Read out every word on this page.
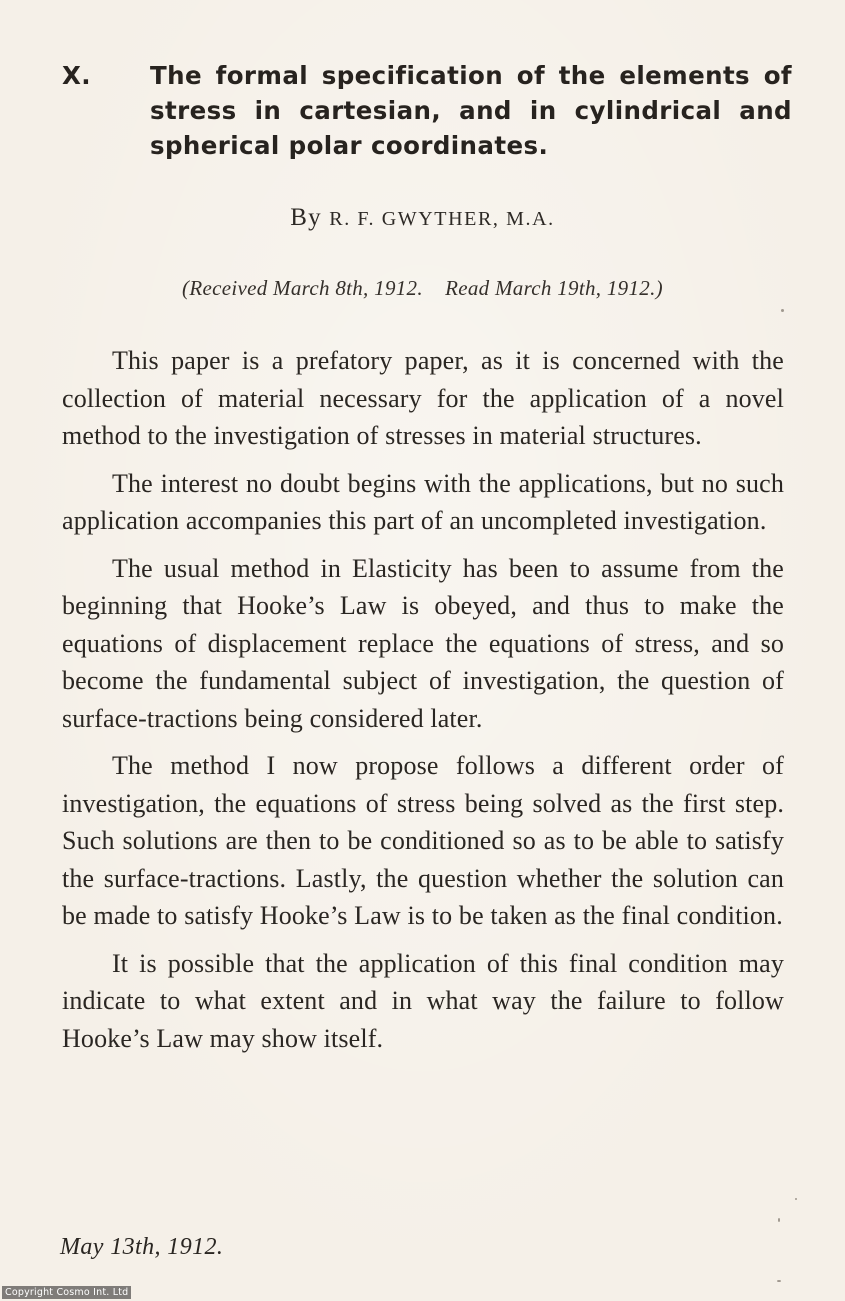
X. The formal specification of the elements of stress in cartesian, and in cylindrical and spherical polar coordinates.
By R. F. GWYTHER, M.A.
(Received March 8th, 1912.    Read March 19th, 1912.)

This paper is a prefatory paper, as it is concerned with the collection of material necessary for the application of a novel method to the investigation of stresses in material structures.

The interest no doubt begins with the applications, but no such application accompanies this part of an uncompleted investigation.

The usual method in Elasticity has been to assume from the beginning that Hooke’s Law is obeyed, and thus to make the equations of displacement replace the equations of stress, and so become the fundamental subject of investigation, the question of surface-tractions being considered later.

The method I now propose follows a different order of investigation, the equations of stress being solved as the first step. Such solutions are then to be conditioned so as to be able to satisfy the surface-tractions. Lastly, the question whether the solution can be made to satisfy Hooke’s Law is to be taken as the final condition.

It is possible that the application of this final condition may indicate to what extent and in what way the failure to follow Hooke’s Law may show itself.

May 13th, 1912.
Copyright Cosmo Int. Ltd
